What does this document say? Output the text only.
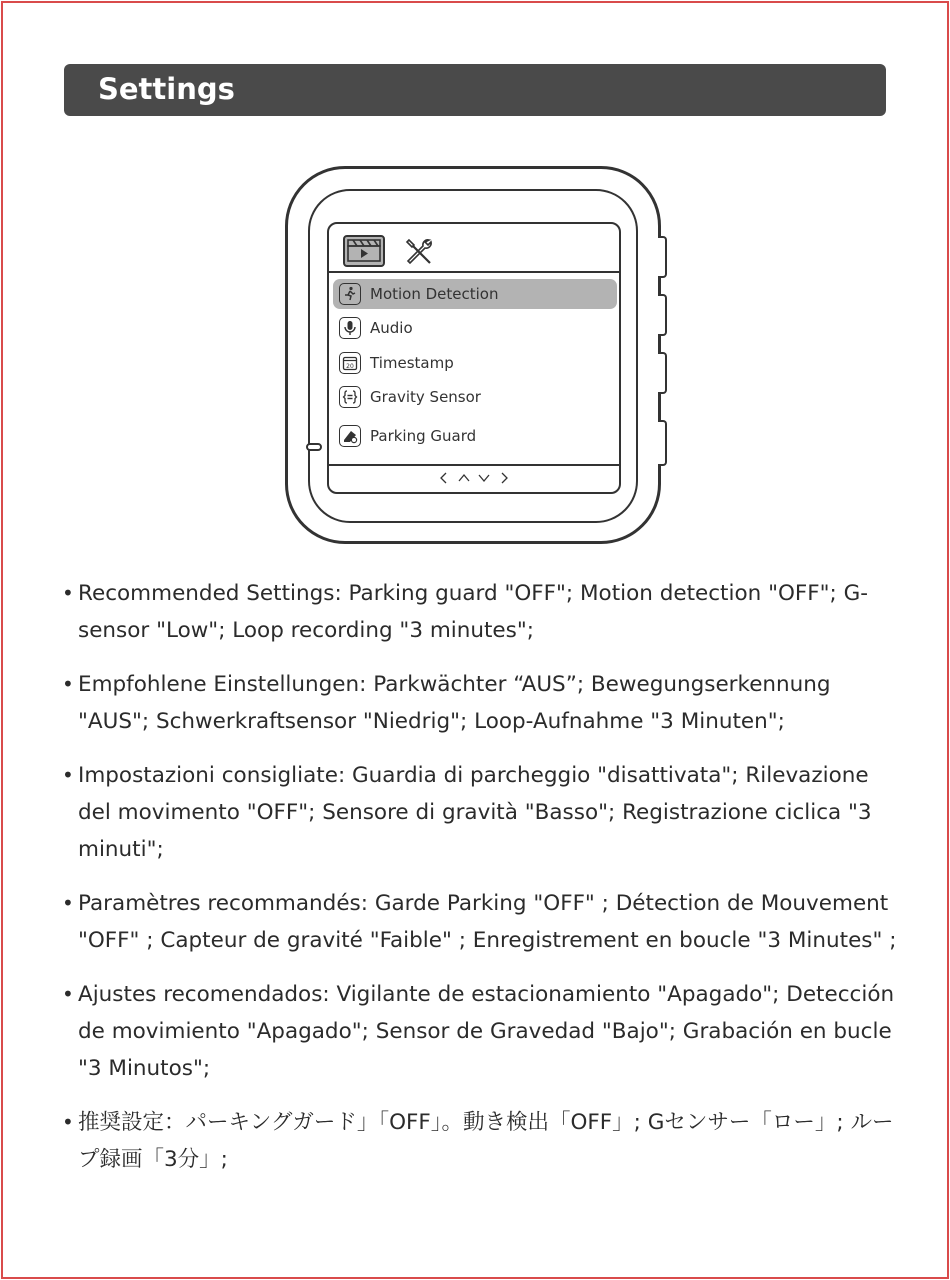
Settings
Motion Detection
Audio
20 Timestamp
Gravity Sensor
Parking Guard
• Recommended Settings: Parking guard "OFF"; Motion detection "OFF"; G-sensor "Low"; Loop recording "3 minutes";
• Empfohlene Einstellungen: Parkwächter “AUS”; Bewegungserkennung "AUS"; Schwerkraftsensor "Niedrig"; Loop-Aufnahme "3 Minuten";
• Impostazioni consigliate: Guardia di parcheggio "disattivata"; Rilevazione del movimento "OFF"; Sensore di gravità "Basso"; Registrazione ciclica "3 minuti";
• Paramètres recommandés: Garde Parking "OFF" ; Détection de Mouvement "OFF" ; Capteur de gravité "Faible" ; Enregistrement en boucle "3 Minutes" ;
• Ajustes recomendados: Vigilante de estacionamiento "Apagado"; Detección de movimiento "Apagado"; Sensor de Gravedad "Bajo"; Grabación en bucle "3 Minutos";
• 推奨設定：パーキングガード」「OFF」。動き検出「OFF」; Gセンサー「ロー」; ループ録画「3分」;
